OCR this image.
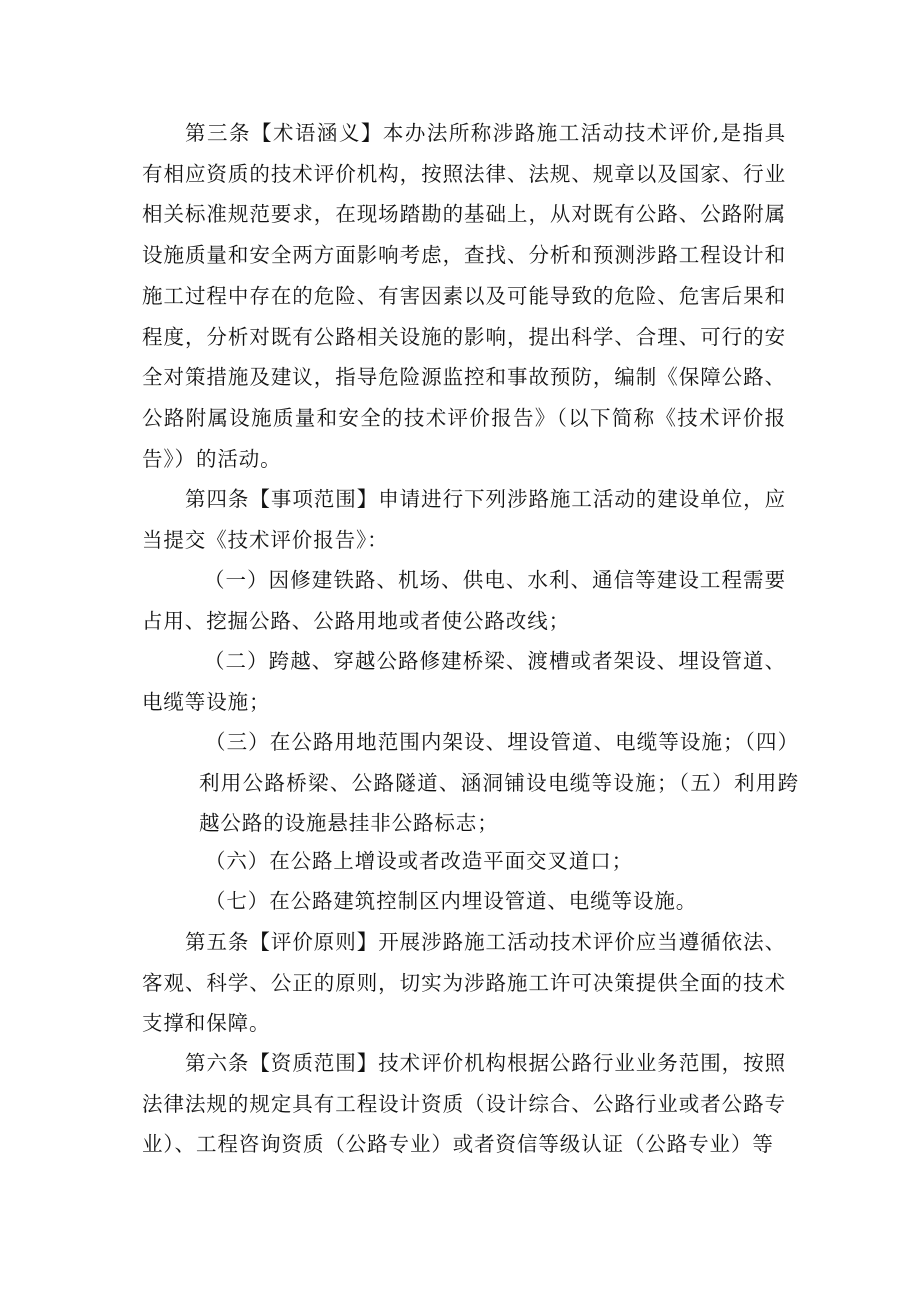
第三条【术语涵义】本办法所称涉路施工活动技术评价,是指具有相应资质的技术评价机构，按照法律、法规、规章以及国家、行业相关标准规范要求，在现场踏勘的基础上，从对既有公路、公路附属设施质量和安全两方面影响考虑，查找、分析和预测涉路工程设计和施工过程中存在的危险、有害因素以及可能导致的危险、危害后果和程度，分析对既有公路相关设施的影响，提出科学、合理、可行的安全对策措施及建议，指导危险源监控和事故预防，编制《保障公路、公路附属设施质量和安全的技术评价报告》（以下简称《技术评价报告》）的活动。

第四条【事项范围】申请进行下列涉路施工活动的建设单位，应当提交《技术评价报告》：

（一）因修建铁路、机场、供电、水利、通信等建设工程需要占用、挖掘公路、公路用地或者使公路改线；

（二）跨越、穿越公路修建桥梁、渡槽或者架设、埋设管道、电缆等设施；

（三）在公路用地范围内架设、埋设管道、电缆等设施；（四）利用公路桥梁、公路隧道、涵洞铺设电缆等设施；（五）利用跨越公路的设施悬挂非公路标志；

（六）在公路上增设或者改造平面交叉道口；

（七）在公路建筑控制区内埋设管道、电缆等设施。

第五条【评价原则】开展涉路施工活动技术评价应当遵循依法、客观、科学、公正的原则，切实为涉路施工许可决策提供全面的技术支撑和保障。

第六条【资质范围】技术评价机构根据公路行业业务范围，按照法律法规的规定具有工程设计资质（设计综合、公路行业或者公路专业）、工程咨询资质（公路专业）或者资信等级认证（公路专业）等
